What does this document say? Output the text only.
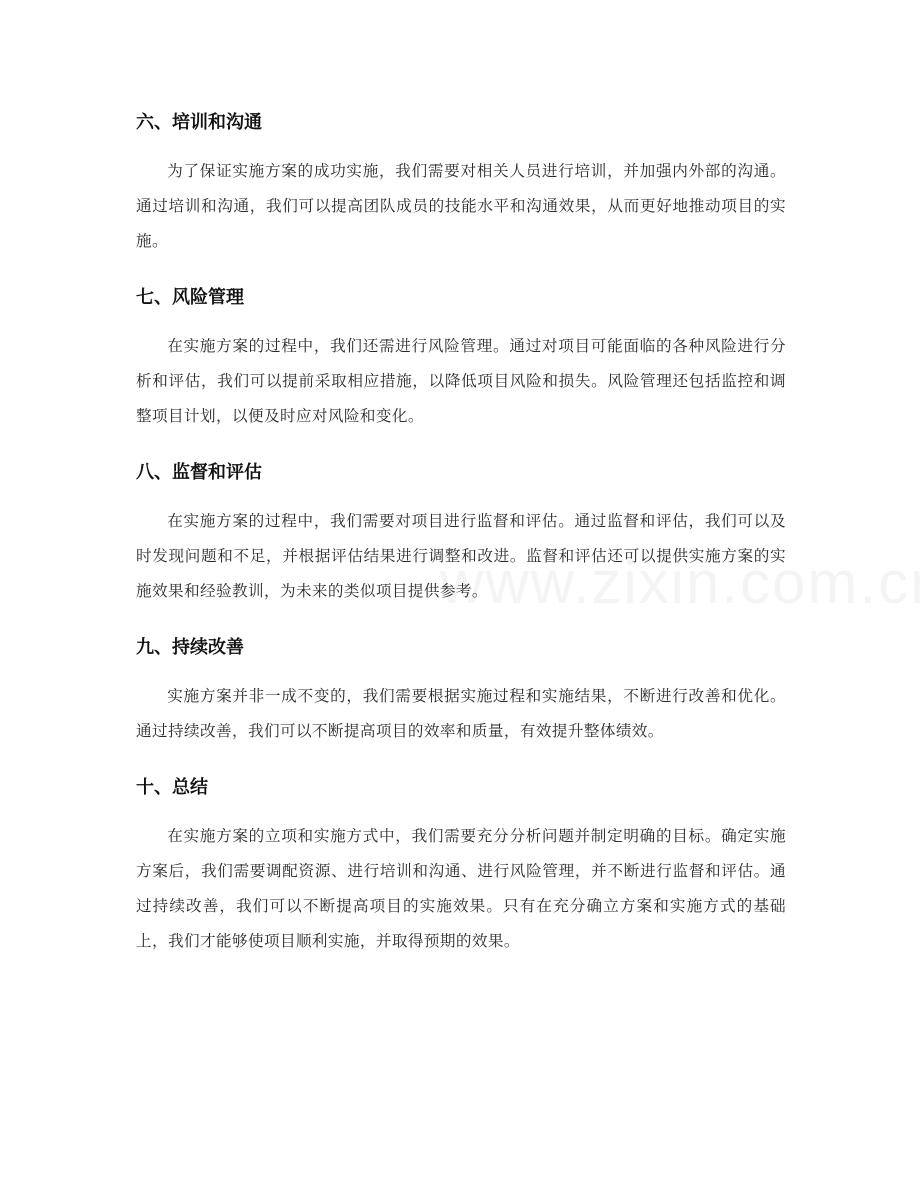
六、培训和沟通

为了保证实施方案的成功实施，我们需要对相关人员进行培训，并加强内外部的沟通。通过培训和沟通，我们可以提高团队成员的技能水平和沟通效果，从而更好地推动项目的实施。

七、风险管理

在实施方案的过程中，我们还需进行风险管理。通过对项目可能面临的各种风险进行分析和评估，我们可以提前采取相应措施，以降低项目风险和损失。风险管理还包括监控和调整项目计划，以便及时应对风险和变化。

八、监督和评估

在实施方案的过程中，我们需要对项目进行监督和评估。通过监督和评估，我们可以及时发现问题和不足，并根据评估结果进行调整和改进。监督和评估还可以提供实施方案的实施效果和经验教训，为未来的类似项目提供参考。

九、持续改善

实施方案并非一成不变的，我们需要根据实施过程和实施结果，不断进行改善和优化。通过持续改善，我们可以不断提高项目的效率和质量，有效提升整体绩效。

十、总结

在实施方案的立项和实施方式中，我们需要充分分析问题并制定明确的目标。确定实施方案后，我们需要调配资源、进行培训和沟通、进行风险管理，并不断进行监督和评估。通过持续改善，我们可以不断提高项目的实施效果。只有在充分确立方案和实施方式的基础上，我们才能够使项目顺利实施，并取得预期的效果。
